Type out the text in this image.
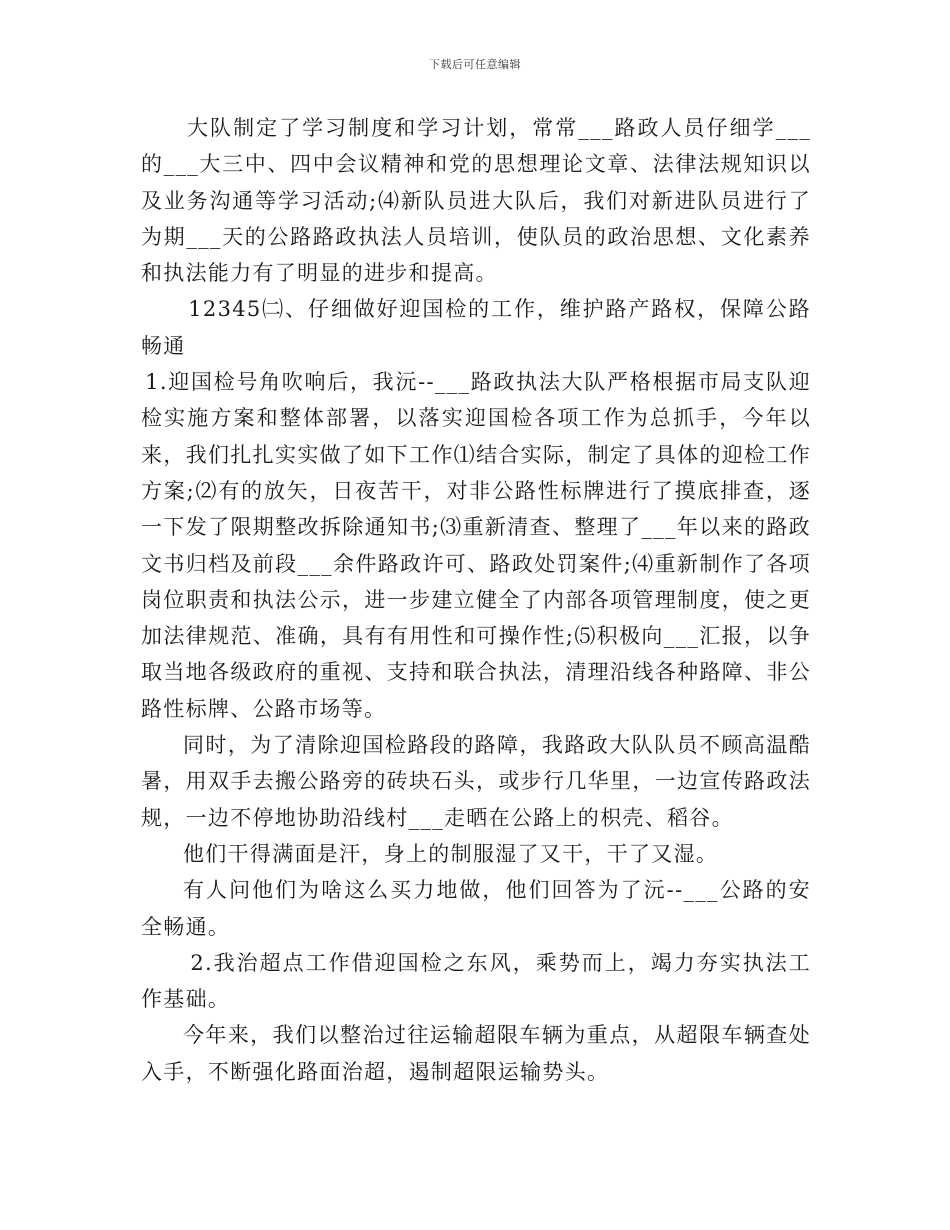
下载后可任意编辑

　　大队制定了学习制度和学习计划，常常___路政人员仔细学___的___大三中、四中会议精神和党的思想理论文章、法律法规知识以及业务沟通等学习活动;⑷新队员进大队后，我们对新进队员进行了为期___天的公路路政执法人员培训，使队员的政治思想、文化素养和执法能力有了明显的进步和提高。

12345㈡、仔细做好迎国检的工作，维护路产路权，保障公路畅通

1.迎国检号角吹响后，我沅--___路政执法大队严格根据市局支队迎检实施方案和整体部署，以落实迎国检各项工作为总抓手，今年以来，我们扎扎实实做了如下工作⑴结合实际，制定了具体的迎检工作方案;⑵有的放矢，日夜苦干，对非公路性标牌进行了摸底排查，逐一下发了限期整改拆除通知书;⑶重新清查、整理了___年以来的路政文书归档及前段___余件路政许可、路政处罚案件;⑷重新制作了各项岗位职责和执法公示，进一步建立健全了内部各项管理制度，使之更加法律规范、准确，具有有用性和可操作性;⑸积极向___汇报，以争取当地各级政府的重视、支持和联合执法，清理沿线各种路障、非公路性标牌、公路市场等。

同时，为了清除迎国检路段的路障，我路政大队队员不顾高温酷暑，用双手去搬公路旁的砖块石头，或步行几华里，一边宣传路政法规，一边不停地协助沿线村___走晒在公路上的枳壳、稻谷。

他们干得满面是汗，身上的制服湿了又干，干了又湿。

有人问他们为啥这么买力地做，他们回答为了沅--___公路的安全畅通。

2.我治超点工作借迎国检之东风，乘势而上，竭力夯实执法工作基础。

今年来，我们以整治过往运输超限车辆为重点，从超限车辆查处入手，不断强化路面治超，遏制超限运输势头。
